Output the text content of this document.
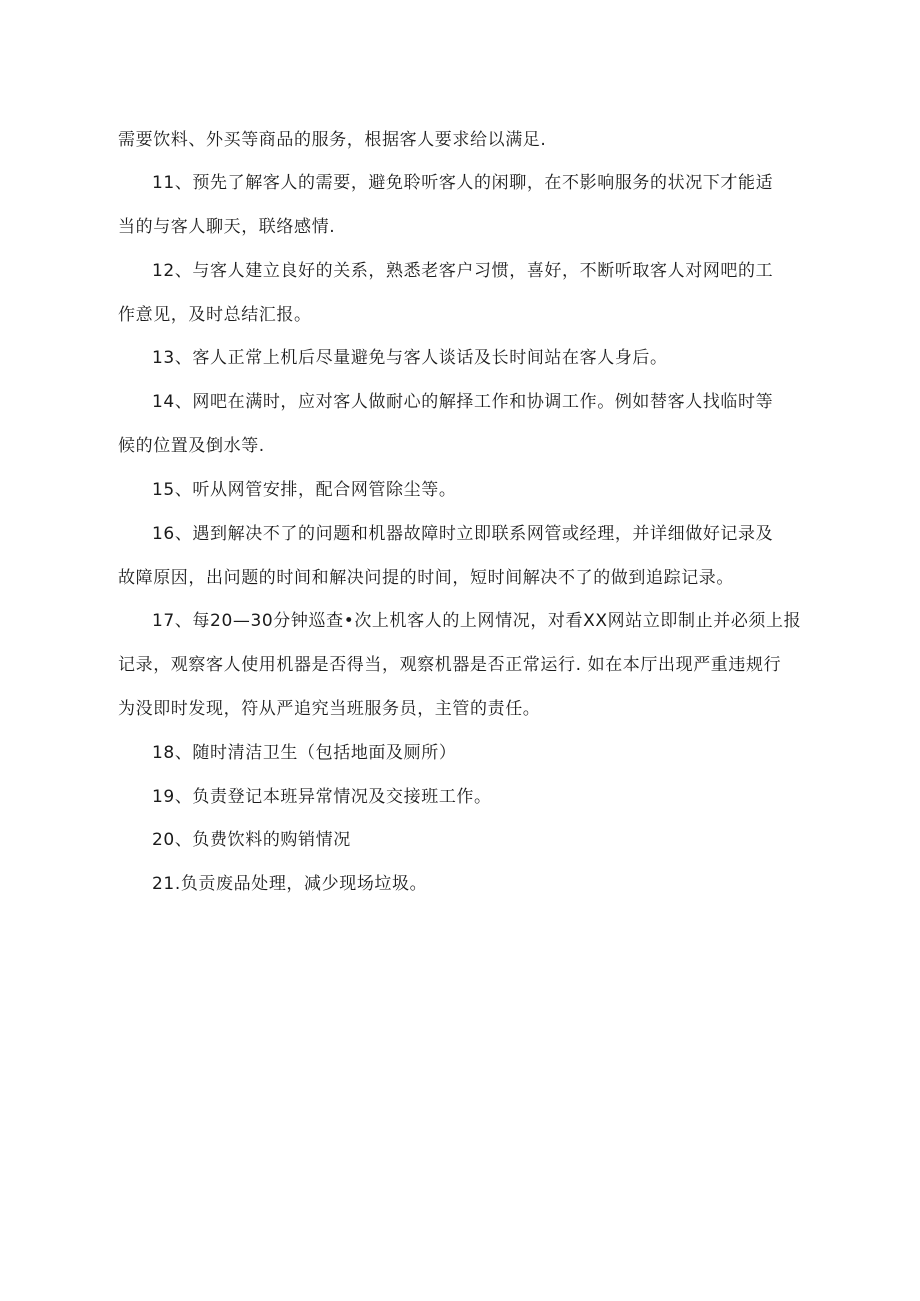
需要饮料、外买等商品的服务，根据客人要求给以满足.
11、预先了解客人的需要，避免聆听客人的闲聊，在不影响服务的状况下才能适
当的与客人聊天，联络感情.
12、与客人建立良好的关系，熟悉老客户习惯，喜好，不断听取客人对网吧的工
作意见，及时总结汇报。
13、客人正常上机后尽量避免与客人谈话及长时间站在客人身后。
14、网吧在满时，应对客人做耐心的解择工作和协调工作。例如替客人找临时等
候的位置及倒水等.
15、听从网管安排，配合网管除尘等。
16、遇到解决不了的问题和机器故障时立即联系网管或经理，并详细做好记录及
故障原因，出问题的时间和解决问提的时间，短时间解决不了的做到追踪记录。
17、每20—30分钟巡查•次上机客人的上网情况，对看XX网站立即制止并必须上报
记录，观察客人使用机器是否得当，观察机器是否正常运行. 如在本厅出现严重违规行
为没即时发现，符从严追究当班服务员，主管的责任。
18、随时清洁卫生（包括地面及厕所）
19、负责登记本班异常情况及交接班工作。
20、负费饮料的购销情况
21.负贡废品处理，减少现场垃圾。
